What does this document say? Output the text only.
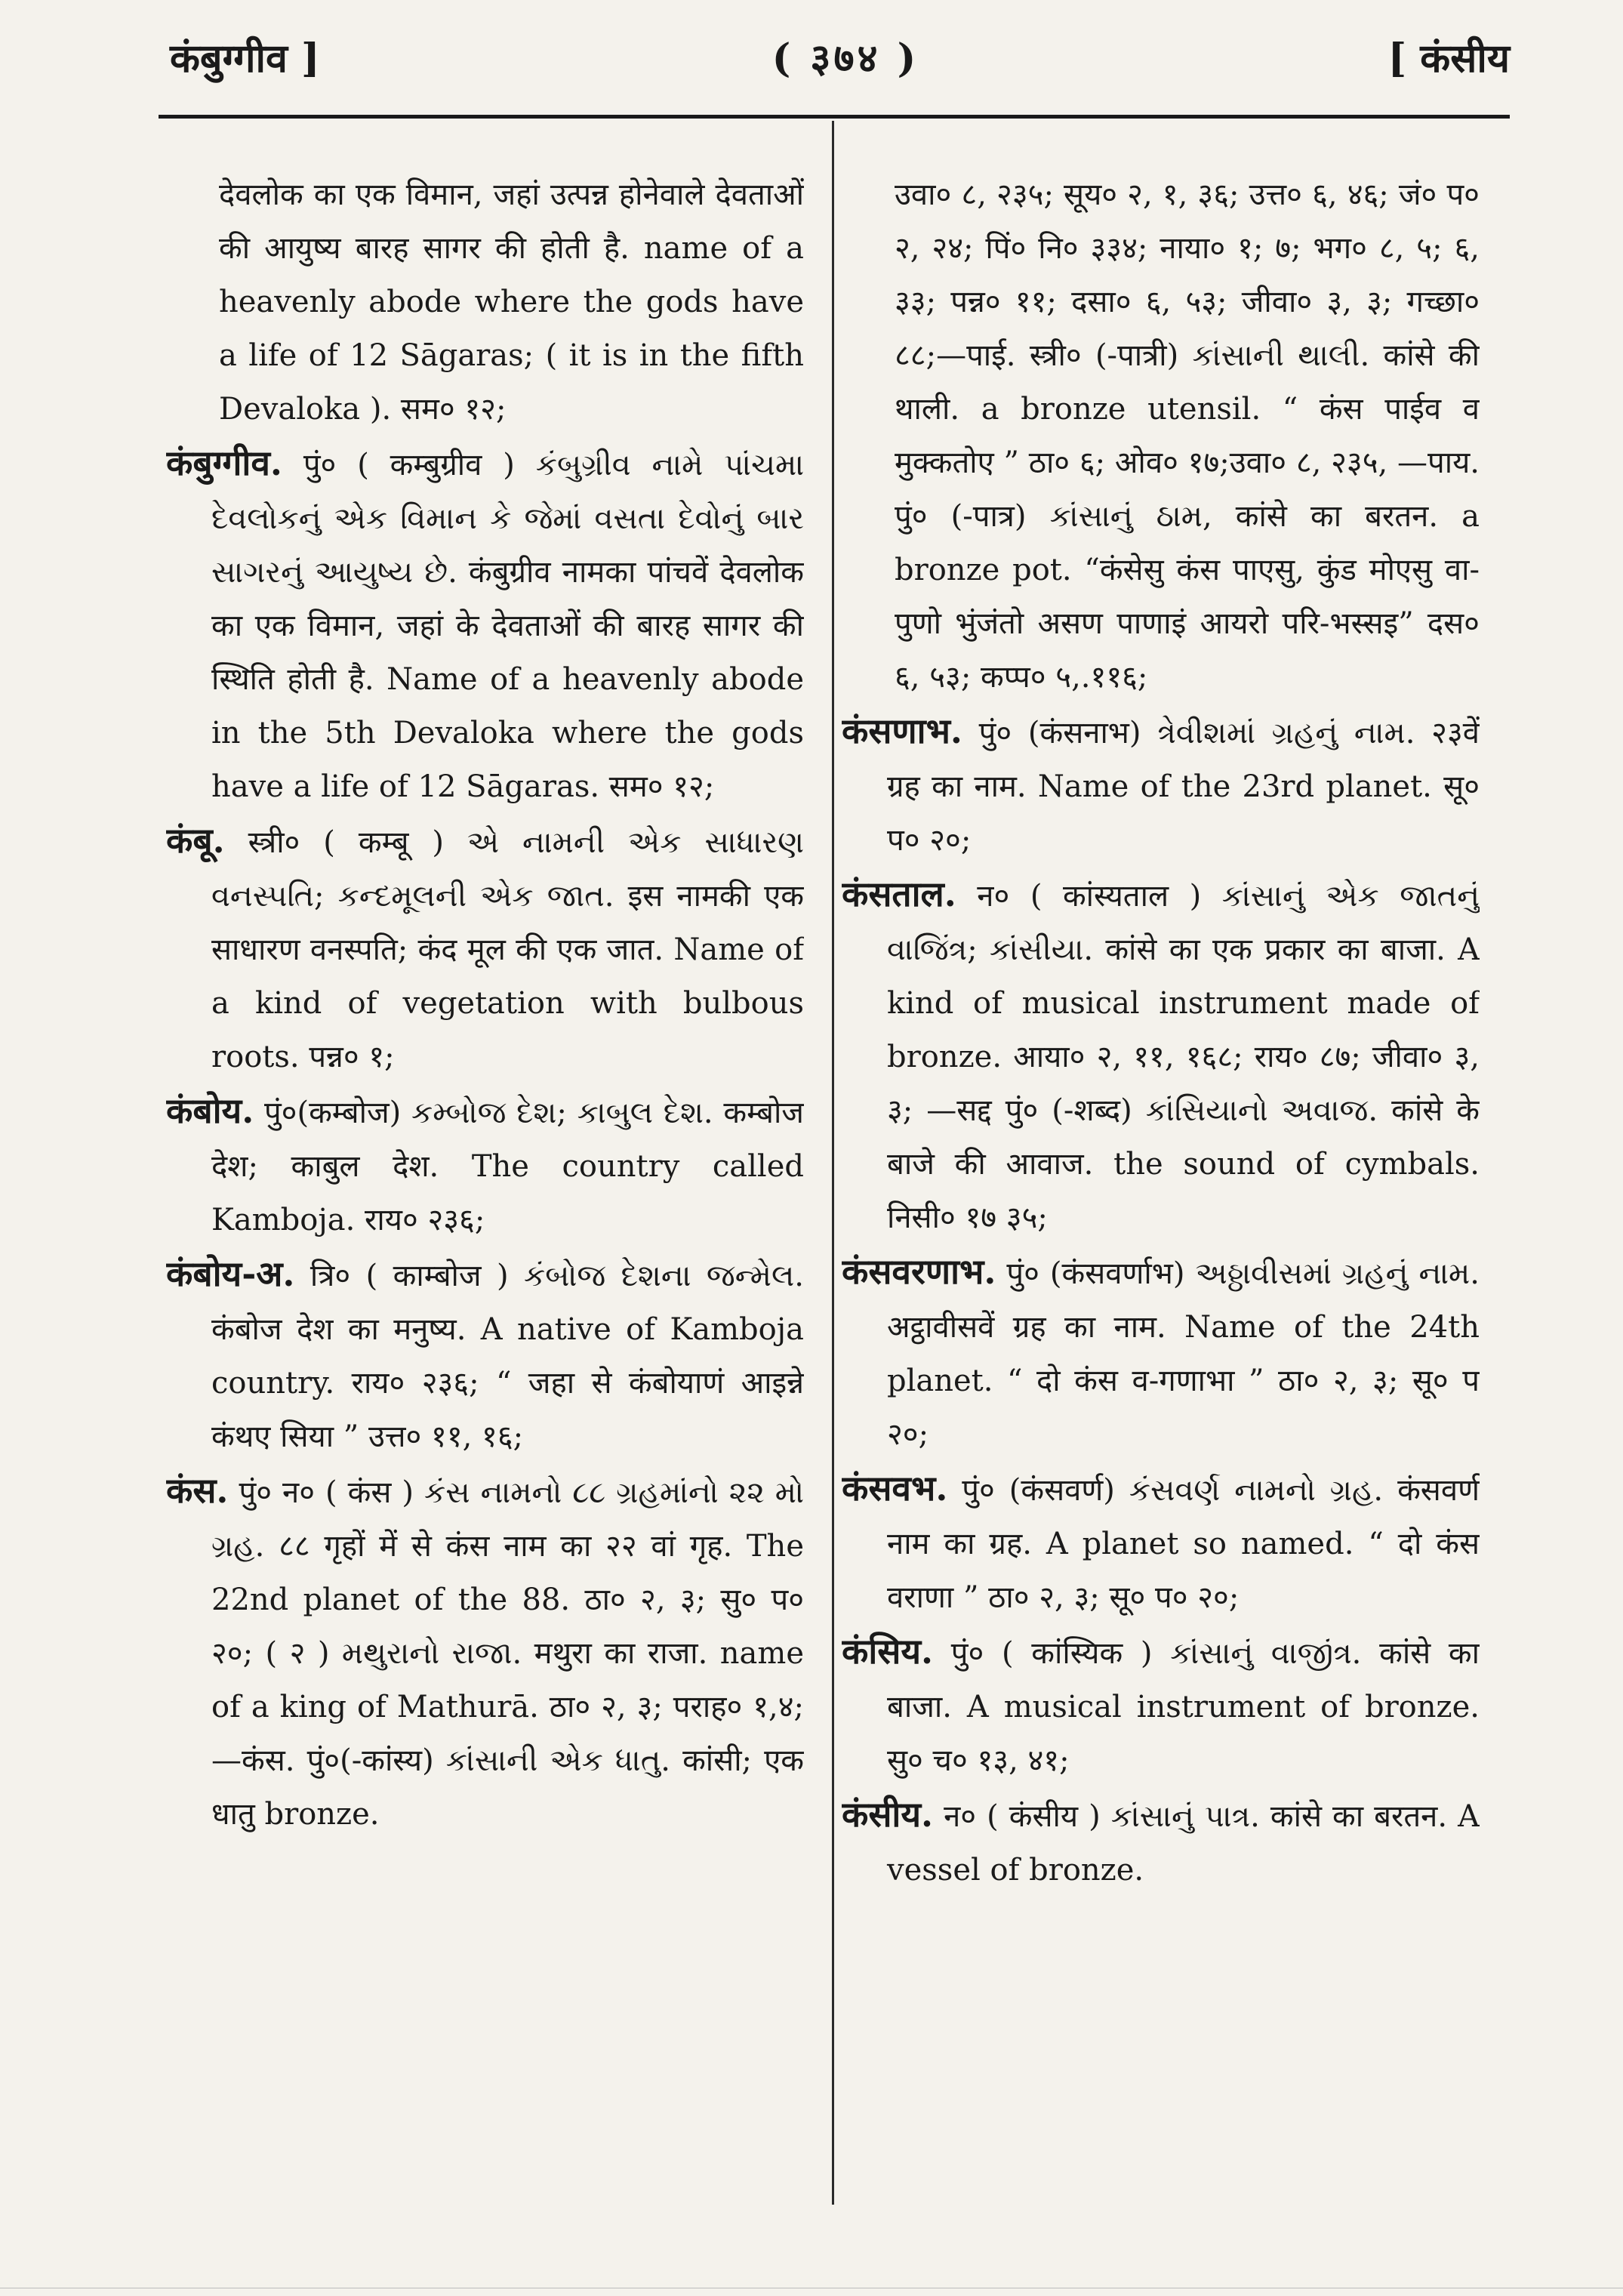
कंबुग्गीव ]	( ३७४ )	[ कंसीय

देवलोक का एक विमान, जहां उत्पन्न होनेवाले देवताओं की आयुष्य बारह सागर की होती है. name of a heavenly abode where the gods have a life of 12 Sāgaras; ( it is in the fifth Devaloka ). सम० १२;

कंबुग्गीव. पुं० ( कम्बुग्रीव ) કંબુગ્રીવ નામે પાંચમા દેવલોકનું એક વિમાન કે જેમાં વસતા દેવોનું બાર સાગરનું આયુષ્ય છે. कंबुग्रीव नामका पांचवें देवलोक का एक विमान, जहां के देवताओं की बारह सागर की स्थिति होती है. Name of a heavenly abode in the 5th Devaloka where the gods have a life of 12 Sāgaras. सम० १२;

कंबू. स्त्री० ( कम्बू ) એ નામની એક સાધારણ વનસ્પતિ; કન્દમૂલની એક જાત. इस नामकी एक साधारण वनस्पति; कंद मूल की एक जात. Name of a kind of vegetation with bulbous roots. पन्न० १;

कंबोय. पुं०(कम्बोज) કમ્બોજ દેશ; કાબુલ દેશ. कम्बोज देश; काबुल देश. The country called Kamboja. राय० २३६;

कंबोय-अ. त्रि० ( काम्बोज ) કંબોજ દેશના જન્મેલ. कंबोज देश का मनुष्य. A native of Kamboja country. राय० २३६; “ जहा से कंबोयाणं आइन्ने कंथए सिया ” उत्त० ११, १६;

कंस. पुं० न० ( कंस ) કંસ નામનો ૮૮ ગ્રહમાંનો ૨૨ મો ગ્રહ. ८८ गृहों में से कंस नाम का २२ वां गृह. The 22nd planet of the 88. ठा० २, ३; सु० प० २०; ( २ ) મથુરાનો રાજા. मथुरा का राजा. name of a king of Mathurā. ठा० २, ३; पराह० १,४;—कंस. पुं०(-कांस्य) કાંસાની એક ધાતુ. कांसी; एक धातु bronze.

उवा० ८, २३५; सूय० २, १, ३६; उत्त० ६, ४६; जं० प० २, २४; पिं० नि० ३३४; नाया० १; ७; भग० ८, ५; ६, ३३; पन्न० ११; दसा० ६, ५३; जीवा० ३, ३; गच्छा० ८८;—पाई. स्त्री० (-पात्री) કાંસાની થાલી. कांसे की थाली. a bronze utensil. “ कंस पाईव व मुक्कतोए ” ठा० ६; ओव० १७;उवा० ८, २३५, —पाय. पुं० (-पात्र) કાંસાનું ઠામ, कांसे का बरतन. a bronze pot. “कंसेसु कंस पाएसु, कुंड मोएसु वा-पुणो भुंजंतो असण पाणाइं आयरो परि-भस्सइ” दस० ६, ५३; कप्प० ५,.११६;

कंसणाभ. पुं० (कंसनाभ) ત્રેવીશમાં ગ્રહનું નામ. २३वें ग्रह का नाम. Name of the 23rd planet. सू० प० २०;

कंसताल. न० ( कांस्यताल ) કાંસાનું એક જાતનું વાજિંત્ર; કાંસીયા. कांसे का एक प्रकार का बाजा. A kind of musical instrument made of bronze. आया० २, ११, १६८; राय० ८७; जीवा० ३, ३; —सद्द पुं० (-शब्द) કાંસિયાનો અવાજ. कांसे के बाजे की आवाज. the sound of cymbals. निसी० १७ ३५;

कंसवरणाभ. पुं० (कंसवर्णाभ) અઠ્ઠાવીસમાં ગ્રહનું નામ. अट्ठावीसवें ग्रह का नाम. Name of the 24th planet. “ दो कंस व-गणाभा ” ठा० २, ३; सू० प २०;

कंसवभ. पुं० (कंसवर्ण) કંસવર્ણ નામનો ગ્રહ. कंसवर्ण नाम का ग्रह. A planet so named. “ दो कंस वराणा ” ठा० २, ३; सू० प० २०;

कंसिय. पुं० ( कांस्यिक ) કાંસાનું વાજીંત્ર. कांसे का बाजा. A musical instrument of bronze. सु० च० १३, ४१;

कंसीय. न० ( कंसीय ) કાંસાનું પાત્ર. कांसे का बरतन. A vessel of bronze.
